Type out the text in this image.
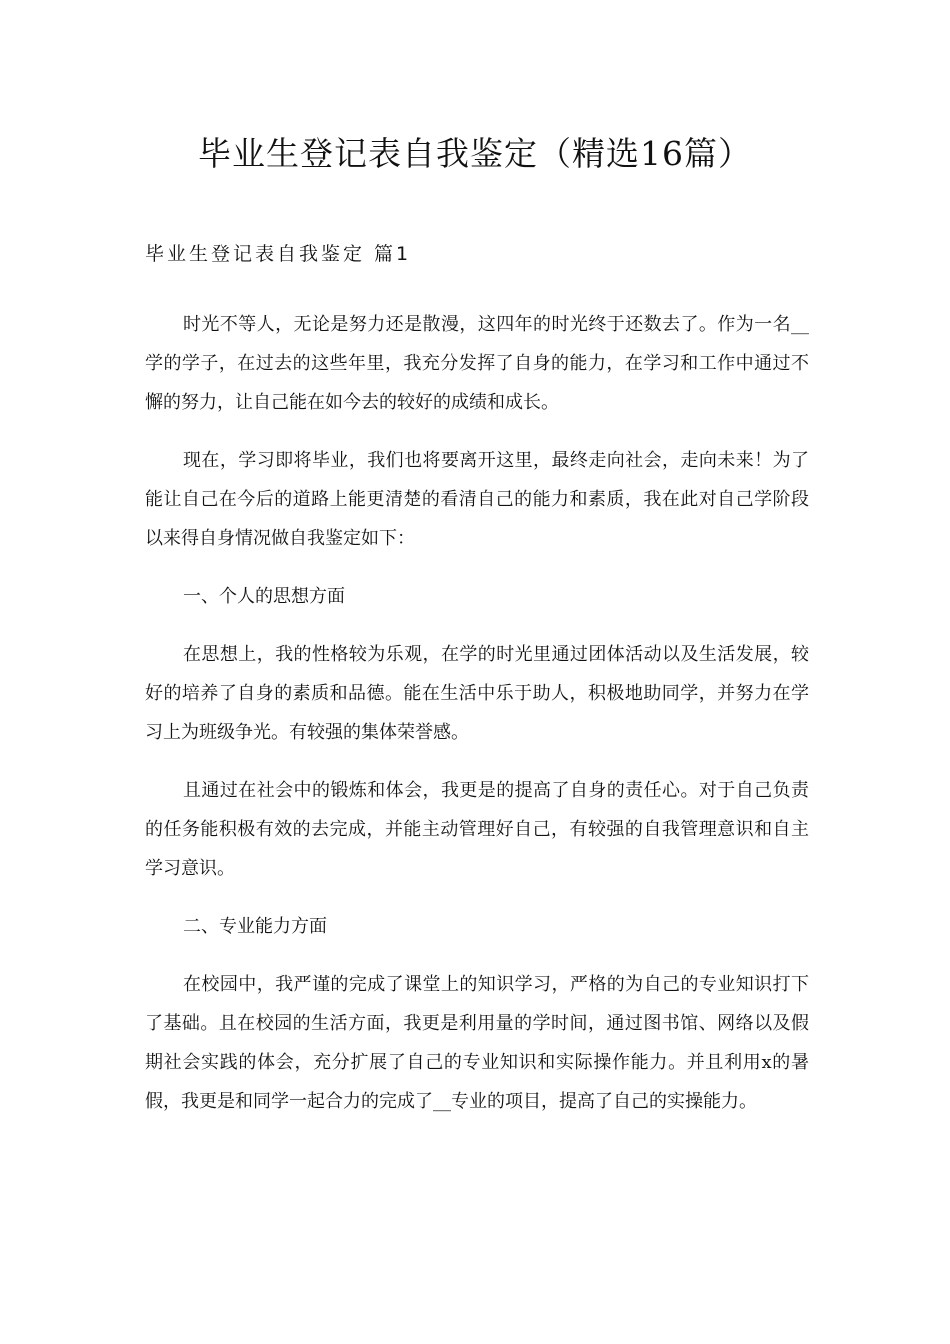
毕业生登记表自我鉴定（精选16篇）
毕业生登记表自我鉴定 篇1

时光不等人，无论是努力还是散漫，这四年的时光终于还数去了。作为一名__学的学子，在过去的这些年里，我充分发挥了自身的能力，在学习和工作中通过不懈的努力，让自己能在如今去的较好的成绩和成长。

现在，学习即将毕业，我们也将要离开这里，最终走向社会，走向未来！为了能让自己在今后的道路上能更清楚的看清自己的能力和素质，我在此对自己学阶段以来得自身情况做自我鉴定如下：

一、个人的思想方面

在思想上，我的性格较为乐观，在学的时光里通过团体活动以及生活发展，较好的培养了自身的素质和品德。能在生活中乐于助人，积极地助同学，并努力在学习上为班级争光。有较强的集体荣誉感。

且通过在社会中的锻炼和体会，我更是的提高了自身的责任心。对于自己负责的任务能积极有效的去完成，并能主动管理好自己，有较强的自我管理意识和自主学习意识。

二、专业能力方面

在校园中，我严谨的完成了课堂上的知识学习，严格的为自己的专业知识打下了基础。且在校园的生活方面，我更是利用量的学时间，通过图书馆、网络以及假期社会实践的体会，充分扩展了自己的专业知识和实际操作能力。并且利用x的暑假，我更是和同学一起合力的完成了__专业的项目，提高了自己的实操能力。
